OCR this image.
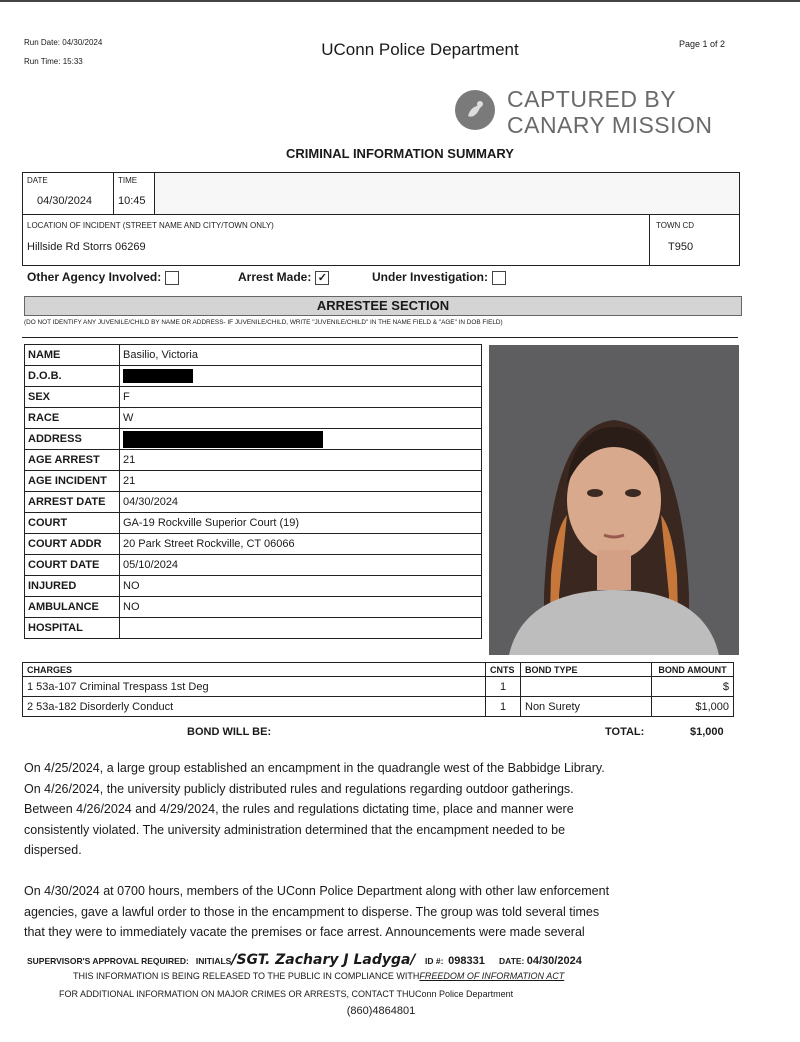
Run Date: 04/30/2024
Run Time: 15:33
UConn Police Department	Page 1 of 2
CAPTURED BY
CANARY MISSION
CRIMINAL INFORMATION SUMMARY
DATE
04/30/2024
TIME
10:45
LOCATION OF INCIDENT (STREET NAME AND CITY/TOWN ONLY)
Hillside Rd Storrs 06269
TOWN CD
T950
Other Agency Involved:	Arrest Made: ✓	Under Investigation:
ARRESTEE SECTION
(DO NOT IDENTIFY ANY JUVENILE/CHILD BY NAME OR ADDRESS- IF JUVENILE/CHILD, WRITE "JUVENILE/CHILD" IN THE NAME FIELD & "AGE" IN DOB FIELD)
NAME	Basilio, Victoria
D.O.B.	
SEX	F
RACE	W
ADDRESS	
AGE ARREST	21
AGE INCIDENT	21
ARREST DATE	04/30/2024
COURT	GA-19 Rockville Superior Court (19)
COURT ADDR	20 Park Street Rockville, CT 06066
COURT DATE	05/10/2024
INJURED	NO
AMBULANCE	NO
HOSPITAL	
CHARGES	CNTS	BOND TYPE	BOND AMOUNT
1 53a-107 Criminal Trespass 1st Deg	1		$
2 53a-182 Disorderly Conduct	1	Non Surety	$1,000
BOND WILL BE:	TOTAL:	$1,000
On 4/25/2024, a large group established an encampment in the quadrangle west of the Babbidge Library.
On 4/26/2024, the university publicly distributed rules and regulations regarding outdoor gatherings.
Between 4/26/2024 and 4/29/2024, the rules and regulations dictating time, place and manner were
consistently violated. The university administration determined that the encampment needed to be
dispersed.
On 4/30/2024 at 0700 hours, members of the UConn Police Department along with other law enforcement
agencies, gave a lawful order to those in the encampment to disperse. The group was told several times
that they were to immediately vacate the premises or face arrest. Announcements were made several
SUPERVISOR'S APPROVAL REQUIRED: INITIALS/SGT. Zachary J Ladyga/ ID #: 098331 DATE: 04/30/2024
THIS INFORMATION IS BEING RELEASED TO THE PUBLIC IN COMPLIANCE WITHFREEDOM OF INFORMATION ACT
FOR ADDITIONAL INFORMATION ON MAJOR CRIMES OR ARRESTS, CONTACT THUConn Police Department
(860)4864801
